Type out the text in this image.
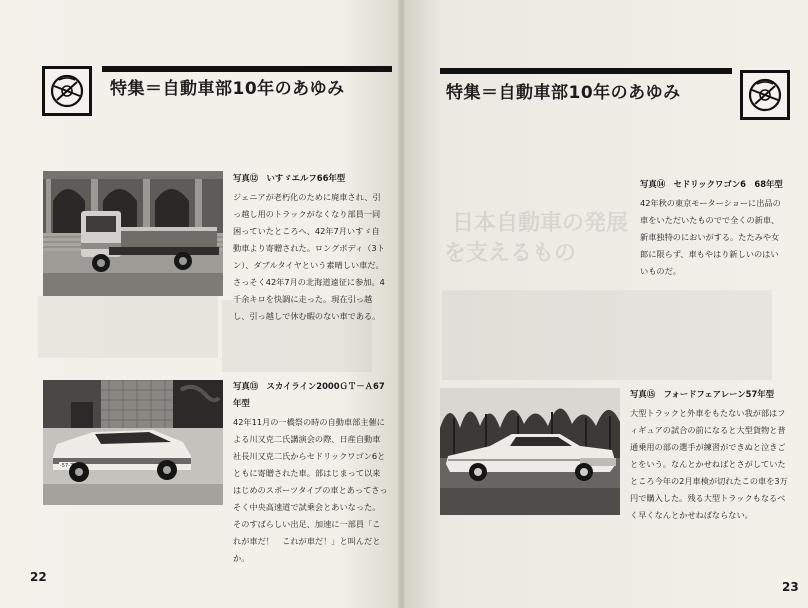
特集＝自動車部10年のあゆみ
写真⑫　いすゞエルフ66年型
ジェニアが老朽化のために廃車され、引っ越し用のトラックがなくなり部員一同困っていたところへ、42年7月いすゞ自動車より寄贈された。ロングボディ（3トン）、ダブルタイヤという素晴しい車だ。さっそく42年7月の北海道遠征に参加。4千余キロを快調に走った。現在引っ越し、引っ越しで休む暇のない車である。
-57-77
写真⑬　スカイライン2000ＧＴ－Ａ67年型
42年11月の一橋祭の時の自動車部主催による川又克二氏講演会の際、日産自動車社長川又克二氏からセドリックワゴン6とともに寄贈された車。部はじまって以来はじめのスポーツタイプの車とあってさっそく中央高速道で試乗会とあいなった。そのすばらしい出足、加速に一部員「これが車だ！　これが車だ！」と叫んだとか。
22
日本自動車の発展
を支えるもの
特集＝自動車部10年のあゆみ
写真⑭　セドリックワゴン6　68年型
42年秋の東京モーターショーに出品の車をいただいたものでで全くの新車、新車独特のにおいがする。たたみや女郎に限らず、車もやはり新しいのはいいものだ。
写真⑮　フォードフェアレーン57年型
大型トラックと外車をもたない我が部はフィギュアの試合の前になると大型貨物と普通乗用の部の選手が練習ができぬと泣きごとをいう。なんとかせねばとさがしていたところ今年の2月車検が切れたこの車を3万円で購入した。残る大型トラックもなるべく早くなんとかせねばならない。
23
